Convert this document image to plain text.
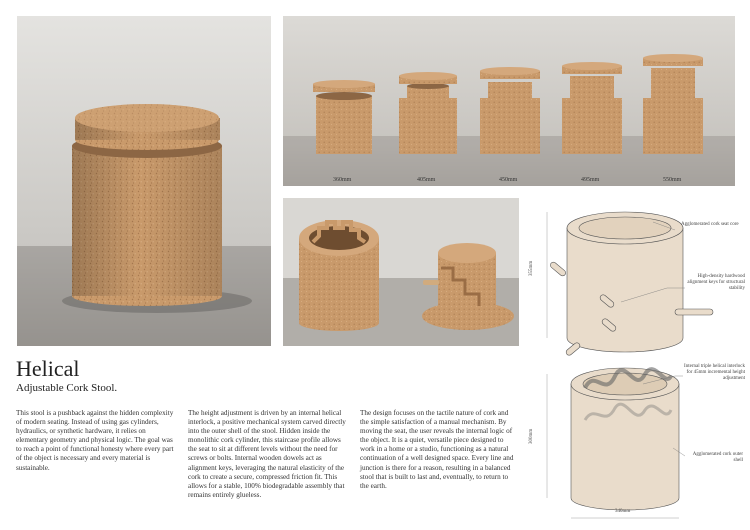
360mm	405mm	450mm	495mm	550mm
Agglomerated cork seat core
High-density hardwood alignment keys for structural stability
Internal triple helical interlock for 45mm incremental height adjustment
Agglomerated cork outer shell
355mm
300mm
340mm
Helical
Adjustable Cork Stool.

This stool is a pushback against the hidden complexity of modern seating. Instead of using gas cylinders, hydraulics, or synthetic hardware, it relies on elementary geometry and physical logic. The goal was to reach a point of functional honesty where every part of the object is necessary and every material is sustainable.

The height adjustment is driven by an internal helical interlock, a positive mechanical system carved directly into the outer shell of the stool. Hidden inside the monolithic cork cylinder, this staircase profile allows the seat to sit at different levels without the need for screws or bolts. Internal wooden dowels act as alignment keys, leveraging the natural elasticity of the cork to create a secure, compressed friction fit. This allows for a stable, 100% biodegradable assembly that remains entirely glueless.

The design focuses on the tactile nature of cork and the simple satisfaction of a manual mechanism. By moving the seat, the user reveals the internal logic of the object. It is a quiet, versatile piece designed to work in a home or a studio, functioning as a natural continuation of a well designed space. Every line and junction is there for a reason, resulting in a balanced stool that is built to last and, eventually, to return to the earth.
